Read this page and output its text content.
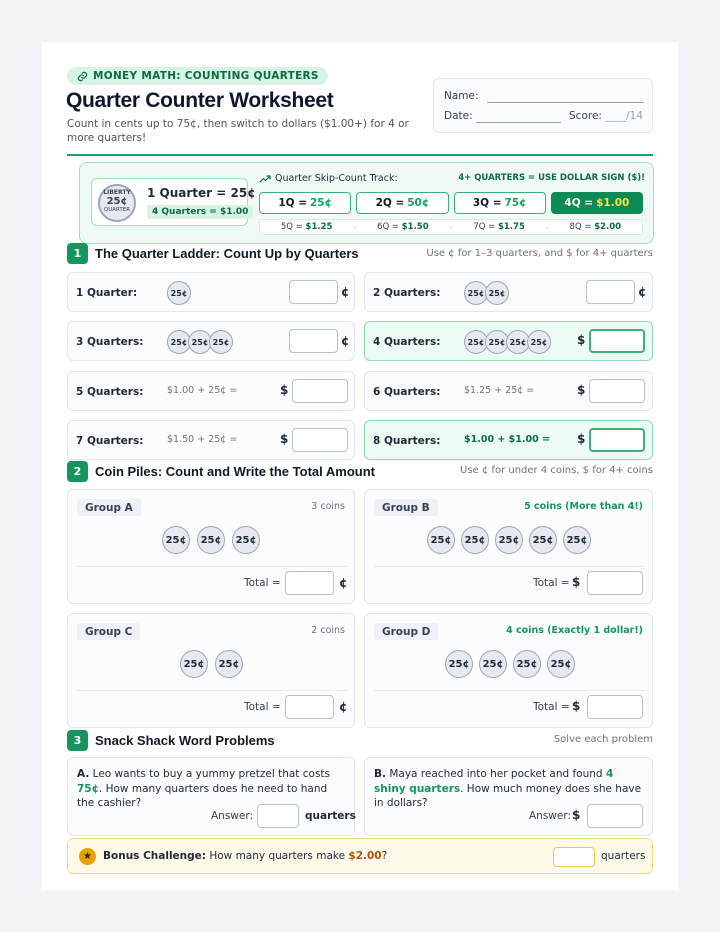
MONEY MATH: COUNTING QUARTERS
Quarter Counter Worksheet
Count in cents up to 75¢, then switch to dollars ($1.00+) for 4 or more quarters!
Name:
Date:	Score: ____/14
LIBERTY
25¢
QUARTER
1 Quarter = 25¢
4 Quarters = $1.00
Quarter Skip-Count Track:	4+ QUARTERS = USE DOLLAR SIGN ($)!
1Q = 25¢	2Q = 50¢	3Q = 75¢	4Q = $1.00
5Q = $1.25	-	6Q = $1.50	-	7Q = $1.75	-	8Q = $2.00
1	The Quarter Ladder: Count Up by Quarters	Use ¢ for 1–3 quarters, and $ for 4+ quarters
1 Quarter:	25¢	¢ 2 Quarters:	25¢ 25¢	¢
3 Quarters:	25¢ 25¢ 25¢	¢ 4 Quarters:	25¢ 25¢ 25¢ 25¢	$
5 Quarters: $1.00 + 25¢ =	$	6 Quarters: $1.25 + 25¢ =	$
7 Quarters: $1.50 + 25¢ =	$	8 Quarters: $1.00 + $1.00 = $
2	Coin Piles: Count and Write the Total Amount	Use ¢ for under 4 coins, $ for 4+ coins
Group A	3 coins
25¢	25¢	25¢
Total =	¢
Group B	5 coins (More than 4!)
25¢	25¢	25¢	25¢	25¢
Total = $
Group C	2 coins
25¢	25¢
Total =	¢
Group D	4 coins (Exactly 1 dollar!)
25¢	25¢	25¢	25¢
Total = $
3	Snack Shack Word Problems	Solve each problem
A. Leo wants to buy a yummy pretzel that costs 75¢. How many quarters does he need to hand the cashier?
Answer:	quarters
B. Maya reached into her pocket and found 4 shiny quarters. How much money does she have in dollars?
Answer: $
★	Bonus Challenge: How many quarters make $2.00?	quarters
